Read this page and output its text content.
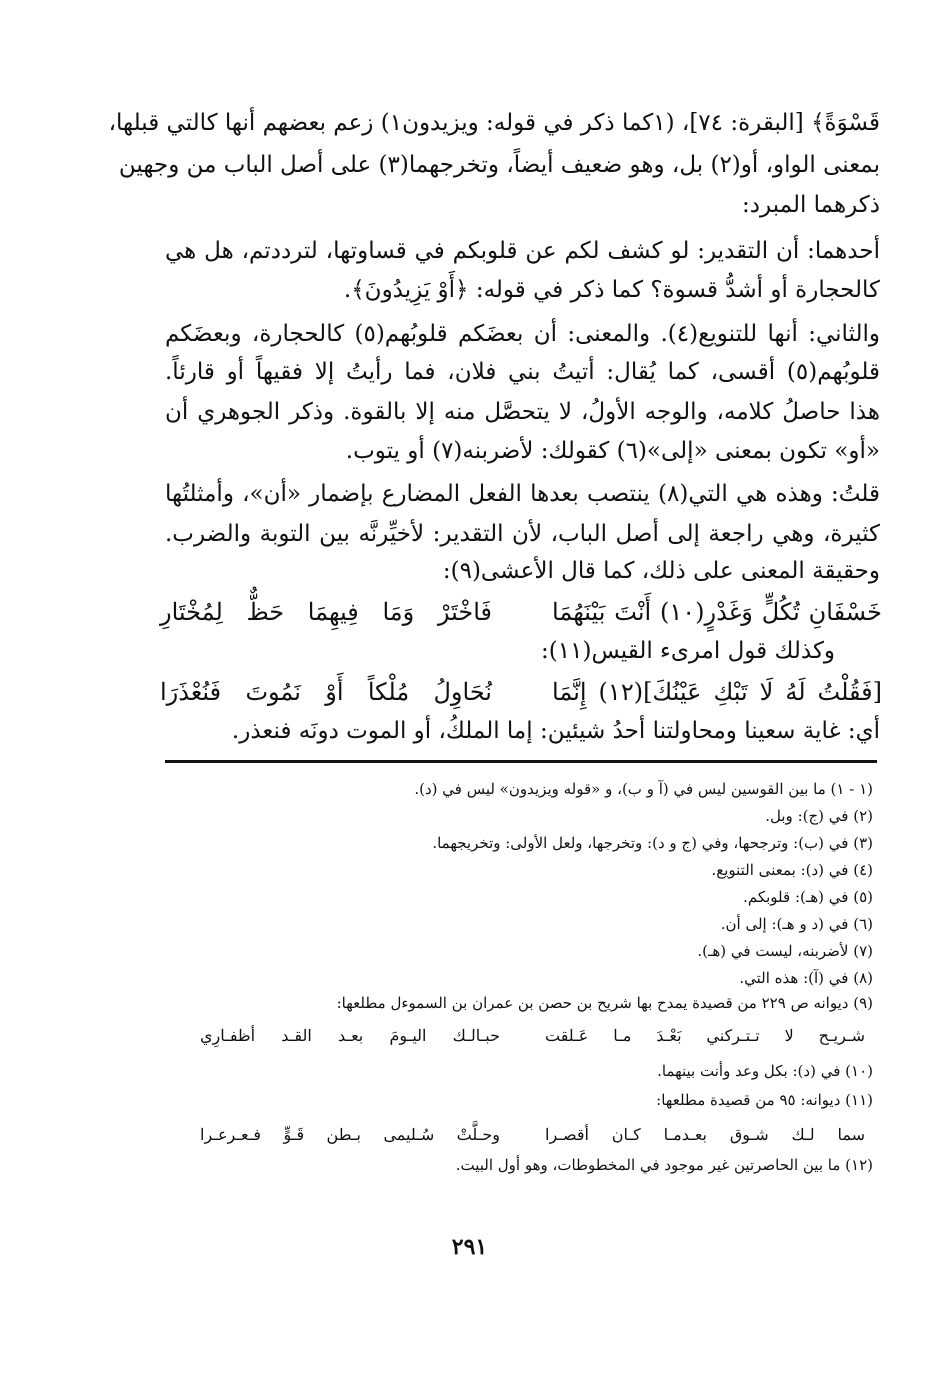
قَسْوَةً﴾ [البقرة: ٧٤]، (١كما ذكر في قوله: ويزيدون١) زعم بعضهم أنها كالتي قبلها،
بمعنى الواو، أو(٢) بل، وهو ضعيف أيضاً، وتخرجهما(٣) على أصل الباب من وجهين
ذكرهما المبرد:
أحدهما: أن التقدير: لو كشف لكم عن قلوبكم في قساوتها، لترددتم، هل هي
كالحجارة أو أشدُّ قسوة؟ كما ذكر في قوله: ﴿أَوْ يَزِيدُونَ﴾.
والثاني: أنها للتنويع(٤). والمعنى: أن بعضَكم قلوبُهم(٥) كالحجارة، وبعضَكم
قلوبُهم(٥) أقسى، كما يُقال: أتيتُ بني فلان، فما رأيتُ إلا فقيهاً أو قارئاً.
هذا حاصلُ كلامه، والوجه الأولُ، لا يتحصَّل منه إلا بالقوة. وذكر الجوهري أن
«أو» تكون بمعنى «إلى»(٦) كقولك: لأضربنه(٧) أو يتوب.
قلتُ: وهذه هي التي(٨) ينتصب بعدها الفعل المضارع بإضمار «أن»، وأمثلتُها
كثيرة، وهي راجعة إلى أصل الباب، لأن التقدير: لأخيِّرنَّه بين التوبة والضرب.
وحقيقة المعنى على ذلك، كما قال الأعشى(٩):
خَسْفَانِ تُكُلٍّ وَغَدْرٍ(١٠) أَنْتَ بَيْنَهُمَا
فَاخْتَرْ وَمَا فِيهِمَا حَظٌّ لِمُخْتَارِ
وكذلك قول امرىء القيس(١١):
[فَقُلْتُ لَهُ لَا تَبْكِ عَيْنُكَ](١٢) إِنَّمَا
نُحَاوِلُ مُلْكاً أَوْ نَمُوتَ فَنُعْذَرَا
أي: غاية سعينا ومحاولتنا أحدُ شيئين: إما الملكُ، أو الموت دونَه فنعذر.
(١ - ١) ما بين القوسين ليس في (آ و ب)، و «قوله ويزيدون» ليس في (د).
(٢) في (ج): وبل.
(٣) في (ب): وترجحها، وفي (ج و د): وتخرجها، ولعل الأولى: وتخريجهما.
(٤) في (د): بمعنى التنويع.
(٥) في (هـ): قلوبكم.
(٦) في (د و هـ): إلى أن.
(٧) لأضربنه، ليست في (هـ).
(٨) في (آ): هذه التي.
(٩) ديوانه ص ٢٢٩ من قصيدة يمدح بها شريح بن حصن بن عمران بن السموءل مطلعها:
شـريـح لا تـتـركني بَعْـدَ مـا عَـلقت
حبـالـك اليـومَ بعـد القـد أظفـارِي
(١٠) في (د): بكل وعد وأنت بينهما.
(١١) ديوانه: ٩٥ من قصيدة مطلعها:
سما لـك شـوق بعـدمـا كـان أقصـرا
وحـلَّتْ سُـليمى بـطن قَـوٍّ فـعـرعـرا
(١٢) ما بين الحاصرتين غير موجود في المخطوطات، وهو أول البيت.
٢٩١
